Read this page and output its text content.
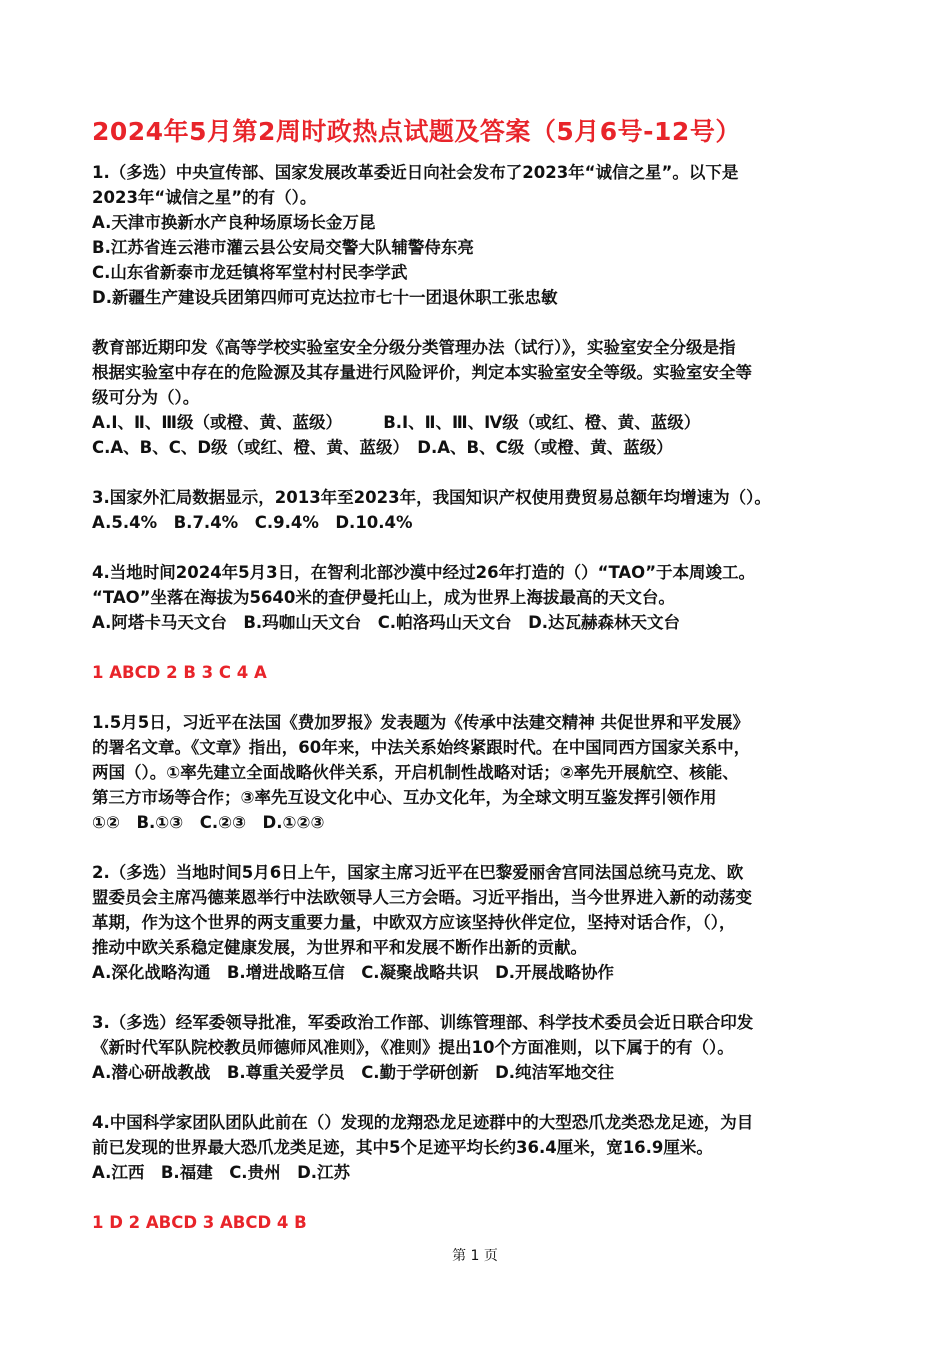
2024年5月第2周时政热点试题及答案（5月6号-12号）
1.（多选）中央宣传部、国家发展改革委近日向社会发布了2023年“诚信之星”。以下是
2023年“诚信之星”的有（）。
A.天津市换新水产良种场原场长金万昆
B.江苏省连云港市灌云县公安局交警大队辅警侍东亮
C.山东省新泰市龙廷镇将军堂村村民李学武
D.新疆生产建设兵团第四师可克达拉市七十一团退休职工张忠敏
教育部近期印发《高等学校实验室安全分级分类管理办法（试行）》，实验室安全分级是指
根据实验室中存在的危险源及其存量进行风险评价，判定本实验室安全等级。实验室安全等
级可分为（）。
A.Ⅰ、Ⅱ、Ⅲ级（或橙、黄、蓝级）　　　B.Ⅰ、Ⅱ、Ⅲ、Ⅳ级（或红、橙、黄、蓝级）
C.A、B、C、D级（或红、橙、黄、蓝级）　D.A、B、C级（或橙、黄、蓝级）
3.国家外汇局数据显示，2013年至2023年，我国知识产权使用费贸易总额年均增速为（）。
A.5.4%　B.7.4%　C.9.4%　D.10.4%
4.当地时间2024年5月3日，在智利北部沙漠中经过26年打造的（）“TAO”于本周竣工。
“TAO”坐落在海拔为5640米的查伊曼托山上，成为世界上海拔最高的天文台。
A.阿塔卡马天文台　B.玛咖山天文台　C.帕洛玛山天文台　D.达瓦赫森林天文台
1 ABCD 2 B 3 C 4 A
1.5月5日，习近平在法国《费加罗报》发表题为《传承中法建交精神 共促世界和平发展》
的署名文章。《文章》指出，60年来，中法关系始终紧跟时代。在中国同西方国家关系中，
两国（）。①率先建立全面战略伙伴关系，开启机制性战略对话；②率先开展航空、核能、
第三方市场等合作；③率先互设文化中心、互办文化年，为全球文明互鉴发挥引领作用
①②　B.①③　C.②③　D.①②③
2.（多选）当地时间5月6日上午，国家主席习近平在巴黎爱丽舍宫同法国总统马克龙、欧
盟委员会主席冯德莱恩举行中法欧领导人三方会晤。习近平指出，当今世界进入新的动荡变
革期，作为这个世界的两支重要力量，中欧双方应该坚持伙伴定位，坚持对话合作，（），
推动中欧关系稳定健康发展，为世界和平和发展不断作出新的贡献。
A.深化战略沟通　B.增进战略互信　C.凝聚战略共识　D.开展战略协作
3.（多选）经军委领导批准，军委政治工作部、训练管理部、科学技术委员会近日联合印发
《新时代军队院校教员师德师风准则》，《准则》提出10个方面准则，以下属于的有（）。
A.潜心研战教战　B.尊重关爱学员　C.勤于学研创新　D.纯洁军地交往
4.中国科学家团队团队此前在（）发现的龙翔恐龙足迹群中的大型恐爪龙类恐龙足迹，为目
前已发现的世界最大恐爪龙类足迹，其中5个足迹平均长约36.4厘米，宽16.9厘米。
A.江西　B.福建　C.贵州　D.江苏
1 D 2 ABCD 3 ABCD 4 B
第 1 页
